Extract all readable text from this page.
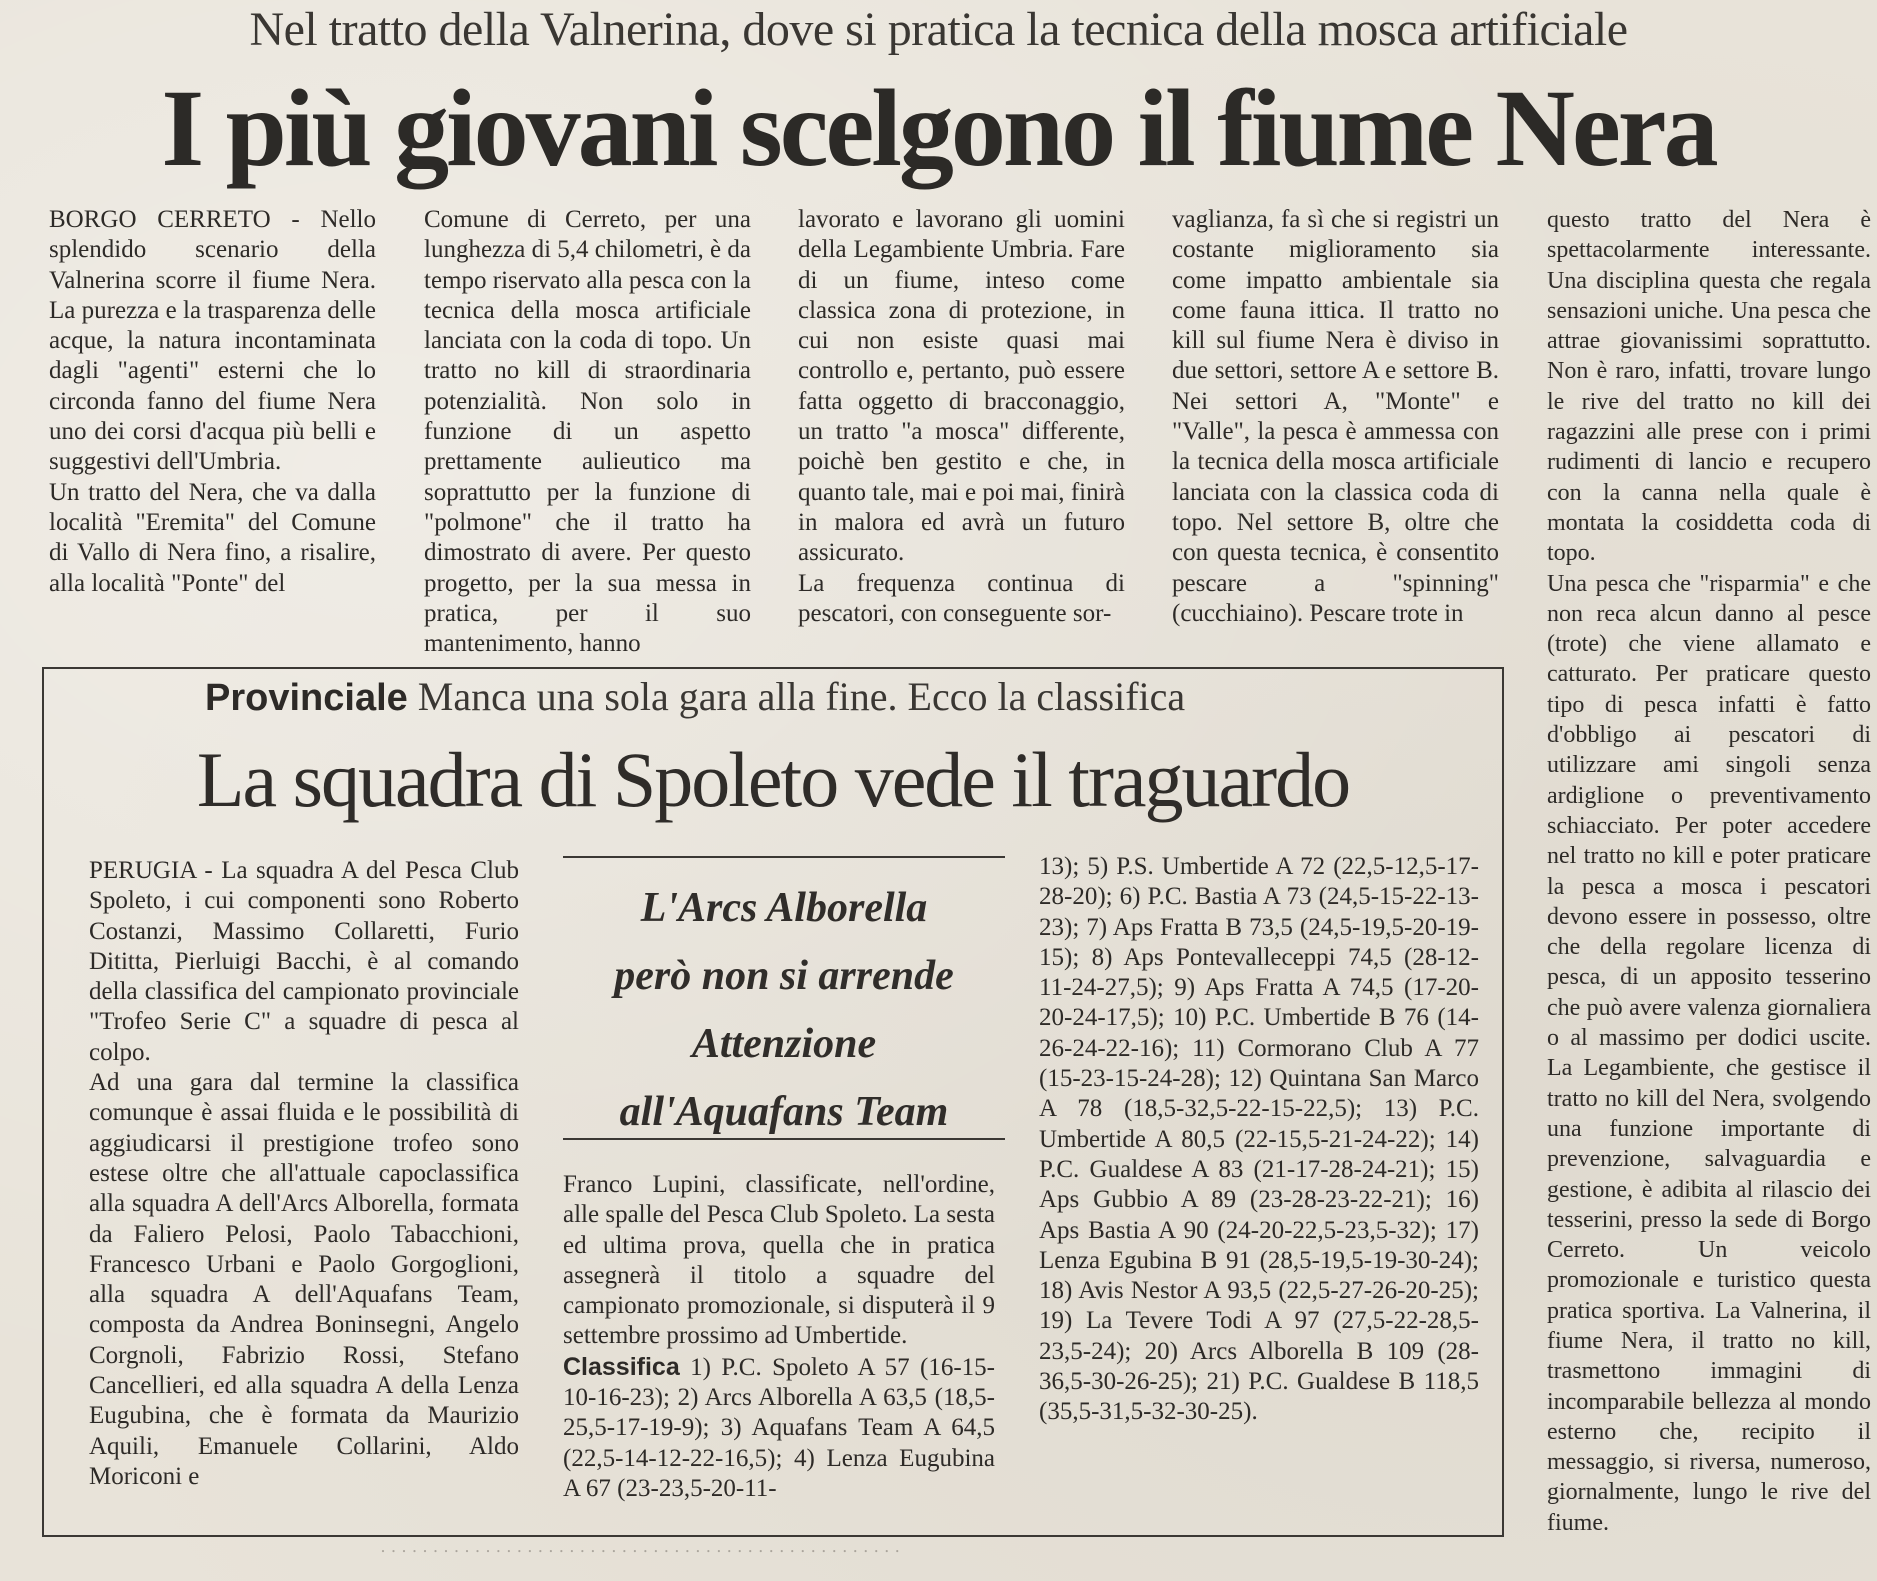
Nel tratto della Valnerina, dove si pratica la tecnica della mosca artificiale
I più giovani scelgono il fiume Nera

BORGO CERRETO - Nello splendido scenario della Valnerina scorre il fiume Nera. La purezza e la trasparenza delle acque, la natura incontaminata dagli "agenti" esterni che lo circonda fanno del fiume Nera uno dei corsi d'acqua più belli e suggestivi dell'Umbria.

Un tratto del Nera, che va dalla località "Eremita" del Comune di Vallo di Nera fino, a risalire, alla località "Ponte" del

Comune di Cerreto, per una lunghezza di 5,4 chilometri, è da tempo riservato alla pesca con la tecnica della mosca artificiale lanciata con la coda di topo. Un tratto no kill di straordinaria potenzialità. Non solo in funzione di un aspetto prettamente aulieutico ma soprattutto per la funzione di "polmone" che il tratto ha dimostrato di avere. Per questo progetto, per la sua messa in pratica, per il suo mantenimento, hanno

lavorato e lavorano gli uomini della Legambiente Umbria. Fare di un fiume, inteso come classica zona di protezione, in cui non esiste quasi mai controllo e, pertanto, può essere fatta oggetto di bracconaggio, un tratto "a mosca" differente, poichè ben gestito e che, in quanto tale, mai e poi mai, finirà in malora ed avrà un futuro assicurato.

La frequenza continua di pescatori, con conseguente sor-

vaglianza, fa sì che si registri un costante miglioramento sia come impatto ambientale sia come fauna ittica. Il tratto no kill sul fiume Nera è diviso in due settori, settore A e settore B. Nei settori A, "Monte" e "Valle", la pesca è ammessa con la tecnica della mosca artificiale lanciata con la classica coda di topo. Nel settore B, oltre che con questa tecnica, è consentito pescare a "spinning" (cucchiaino). Pescare trote in

questo tratto del Nera è spettacolarmente interessante. Una disciplina questa che regala sensazioni uniche. Una pesca che attrae giovanissimi soprattutto. Non è raro, infatti, trovare lungo le rive del tratto no kill dei ragazzini alle prese con i primi rudimenti di lancio e recupero con la canna nella quale è montata la cosiddetta coda di topo.

Una pesca che "risparmia" e che non reca alcun danno al pesce (trote) che viene allamato e catturato. Per praticare questo tipo di pesca infatti è fatto d'obbligo ai pescatori di utilizzare ami singoli senza ardiglione o preventivamento schiacciato. Per poter accedere nel tratto no kill e poter praticare la pesca a mosca i pescatori devono essere in possesso, oltre che della regolare licenza di pesca, di un apposito tesserino che può avere valenza giornaliera o al massimo per dodici uscite. La Legambiente, che gestisce il tratto no kill del Nera, svolgendo una funzione importante di prevenzione, salvaguardia e gestione, è adibita al rilascio dei tesserini, presso la sede di Borgo Cerreto. Un veicolo promozionale e turistico questa pratica sportiva. La Valnerina, il fiume Nera, il tratto no kill, trasmettono immagini di incomparabile bellezza al mondo esterno che, recipito il messaggio, si riversa, numeroso, giornalmente, lungo le rive del fiume.

Provinciale Manca una sola gara alla fine. Ecco la classifica
La squadra di Spoleto vede il traguardo

PERUGIA - La squadra A del Pesca Club Spoleto, i cui componenti sono Roberto Costanzi, Massimo Collaretti, Furio Ditittа, Pierluigi Bacchi, è al comando della classifica del campionato provinciale "Trofeo Serie C" a squadre di pesca al colpo.

Ad una gara dal termine la classifica comunque è assai fluida e le possibilità di aggiudicarsi il prestigione trofeo sono estese oltre che all'attuale capoclassifica alla squadra A dell'Arcs Alborella, formata da Faliero Pelosi, Paolo Tabacchioni, Francesco Urbani e Paolo Gorgoglioni, alla squadra A dell'Aquafans Team, composta da Andrea Boninsegni, Angelo Corgnoli, Fabrizio Rossi, Stefano Cancellieri, ed alla squadra A della Lenza Eugubina, che è formata da Maurizio Aquili, Emanuele Collarini, Aldo Moriconi e

L'Arcs Alborella
però non si arrende
Attenzione
all'Aquafans Team

Franco Lupini, classificate, nell'ordine, alle spalle del Pesca Club Spoleto. La sesta ed ultima prova, quella che in pratica assegnerà il titolo a squadre del campionato promozionale, si disputerà il 9 settembre prossimo ad Umbertide.

Classifica 1) P.C. Spoleto A 57 (16-15-10-16-23); 2) Arcs Alborella A 63,5 (18,5-25,5-17-19-9); 3) Aquafans Team A 64,5 (22,5-14-12-22-16,5); 4) Lenza Eugubina A 67 (23-23,5-20-11-

13); 5) P.S. Umbertide A 72 (22,5-12,5-17-28-20); 6) P.C. Bastia A 73 (24,5-15-22-13-23); 7) Aps Fratta B 73,5 (24,5-19,5-20-19-15); 8) Aps Pontevalleceppi 74,5 (28-12-11-24-27,5); 9) Aps Fratta A 74,5 (17-20-20-24-17,5); 10) P.C. Umbertide B 76 (14-26-24-22-16); 11) Cormorano Club A 77 (15-23-15-24-28); 12) Quintana San Marco A 78 (18,5-32,5-22-15-22,5); 13) P.C. Umbertide A 80,5 (22-15,5-21-24-22); 14) P.C. Gualdese A 83 (21-17-28-24-21); 15) Aps Gubbio A 89 (23-28-23-22-21); 16) Aps Bastia A 90 (24-20-22,5-23,5-32); 17) Lenza Egubina B 91 (28,5-19,5-19-30-24); 18) Avis Nestor A 93,5 (22,5-27-26-20-25); 19) La Tevere Todi A 97 (27,5-22-28,5-23,5-24); 20) Arcs Alborella B 109 (28-36,5-30-26-25); 21) P.C. Gualdese B 118,5 (35,5-31,5-32-30-25).

· · · · · · · · · · · · · · · · · · · · · · · · · · · · · · · · · · · · · · · · · · · · · · · · · ·
